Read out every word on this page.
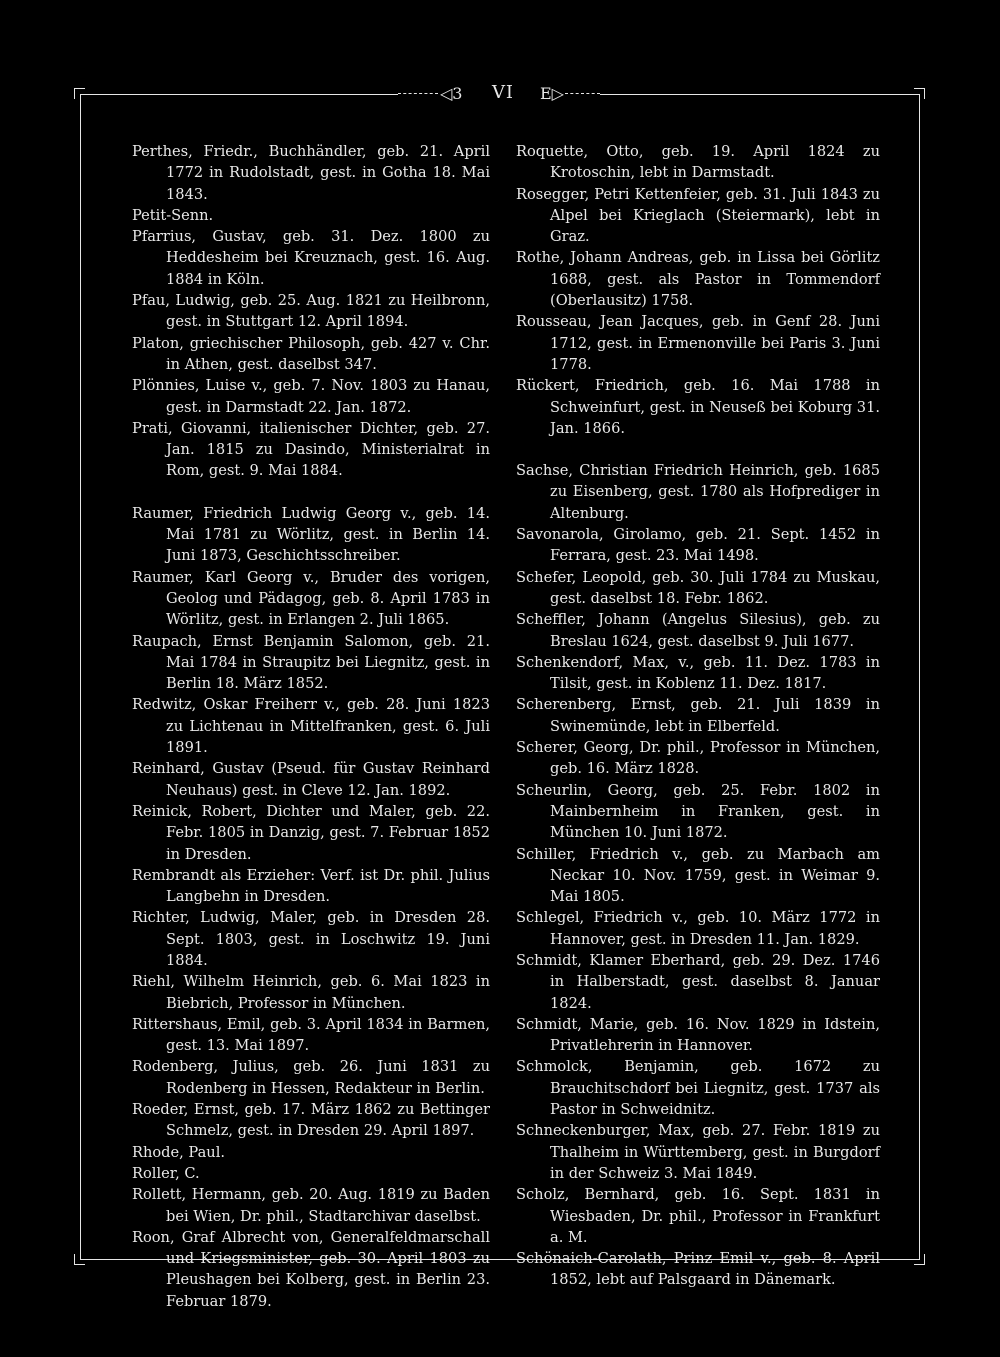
◁3	VI	E▷

Perthes, Friedr., Buchhändler, geb. 21. April 1772 in Rudolstadt, gest. in Gotha 18. Mai 1843.

Petit-Senn.

Pfarrius, Gustav, geb. 31. Dez. 1800 zu Heddesheim bei Kreuznach, gest. 16. Aug. 1884 in Köln.

Pfau, Ludwig, geb. 25. Aug. 1821 zu Heilbronn, gest. in Stuttgart 12. April 1894.

Platon, griechischer Philosoph, geb. 427 v. Chr. in Athen, gest. daselbst 347.

Plönnies, Luise v., geb. 7. Nov. 1803 zu Hanau, gest. in Darmstadt 22. Jan. 1872.

Prati, Giovanni, italienischer Dichter, geb. 27. Jan. 1815 zu Dasindo, Ministerialrat in Rom, gest. 9. Mai 1884.

Raumer, Friedrich Ludwig Georg v., geb. 14. Mai 1781 zu Wörlitz, gest. in Berlin 14. Juni 1873, Geschichtsschreiber.

Raumer, Karl Georg v., Bruder des vorigen, Geolog und Pädagog, geb. 8. April 1783 in Wörlitz, gest. in Erlangen 2. Juli 1865.

Raupach, Ernst Benjamin Salomon, geb. 21. Mai 1784 in Straupitz bei Liegnitz, gest. in Berlin 18. März 1852.

Redwitz, Oskar Freiherr v., geb. 28. Juni 1823 zu Lichtenau in Mittelfranken, gest. 6. Juli 1891.

Reinhard, Gustav (Pseud. für Gustav Reinhard Neuhaus) gest. in Cleve 12. Jan. 1892.

Reinick, Robert, Dichter und Maler, geb. 22. Febr. 1805 in Danzig, gest. 7. Februar 1852 in Dresden.

Rembrandt als Erzieher: Verf. ist Dr. phil. Julius Langbehn in Dresden.

Richter, Ludwig, Maler, geb. in Dresden 28. Sept. 1803, gest. in Loschwitz 19. Juni 1884.

Riehl, Wilhelm Heinrich, geb. 6. Mai 1823 in Biebrich, Professor in München.

Rittershaus, Emil, geb. 3. April 1834 in Barmen, gest. 13. Mai 1897.

Rodenberg, Julius, geb. 26. Juni 1831 zu Rodenberg in Hessen, Redakteur in Berlin.

Roeder, Ernst, geb. 17. März 1862 zu Bettinger Schmelz, gest. in Dresden 29. April 1897.

Rhode, Paul.

Roller, C.

Rollett, Hermann, geb. 20. Aug. 1819 zu Baden bei Wien, Dr. phil., Stadtarchivar daselbst.

Roon, Graf Albrecht von, Generalfeldmarschall und Kriegsminister, geb. 30. April 1803 zu Pleushagen bei Kolberg, gest. in Berlin 23. Februar 1879.

Roquette, Otto, geb. 19. April 1824 zu Krotoschin, lebt in Darmstadt.

Rosegger, Petri Kettenfeier, geb. 31. Juli 1843 zu Alpel bei Krieglach (Steiermark), lebt in Graz.

Rothe, Johann Andreas, geb. in Lissa bei Görlitz 1688, gest. als Pastor in Tommendorf (Oberlausitz) 1758.

Rousseau, Jean Jacques, geb. in Genf 28. Juni 1712, gest. in Ermenonville bei Paris 3. Juni 1778.

Rückert, Friedrich, geb. 16. Mai 1788 in Schweinfurt, gest. in Neuseß bei Koburg 31. Jan. 1866.

Sachse, Christian Friedrich Heinrich, geb. 1685 zu Eisenberg, gest. 1780 als Hofprediger in Altenburg.

Savonarola, Girolamo, geb. 21. Sept. 1452 in Ferrara, gest. 23. Mai 1498.

Schefer, Leopold, geb. 30. Juli 1784 zu Muskau, gest. daselbst 18. Febr. 1862.

Scheffler, Johann (Angelus Silesius), geb. zu Breslau 1624, gest. daselbst 9. Juli 1677.

Schenkendorf, Max, v., geb. 11. Dez. 1783 in Tilsit, gest. in Koblenz 11. Dez. 1817.

Scherenberg, Ernst, geb. 21. Juli 1839 in Swinemünde, lebt in Elberfeld.

Scherer, Georg, Dr. phil., Professor in München, geb. 16. März 1828.

Scheurlin, Georg, geb. 25. Febr. 1802 in Mainbernheim in Franken, gest. in München 10. Juni 1872.

Schiller, Friedrich v., geb. zu Marbach am Neckar 10. Nov. 1759, gest. in Weimar 9. Mai 1805.

Schlegel, Friedrich v., geb. 10. März 1772 in Hannover, gest. in Dresden 11. Jan. 1829.

Schmidt, Klamer Eberhard, geb. 29. Dez. 1746 in Halberstadt, gest. daselbst 8. Januar 1824.

Schmidt, Marie, geb. 16. Nov. 1829 in Idstein, Privatlehrerin in Hannover.

Schmolck, Benjamin, geb. 1672 zu Brauchitschdorf bei Liegnitz, gest. 1737 als Pastor in Schweidnitz.

Schneckenburger, Max, geb. 27. Febr. 1819 zu Thalheim in Württemberg, gest. in Burgdorf in der Schweiz 3. Mai 1849.

Scholz, Bernhard, geb. 16. Sept. 1831 in Wiesbaden, Dr. phil., Professor in Frankfurt a. M.

Schönaich-Carolath, Prinz Emil v., geb. 8. April 1852, lebt auf Palsgaard in Dänemark.
